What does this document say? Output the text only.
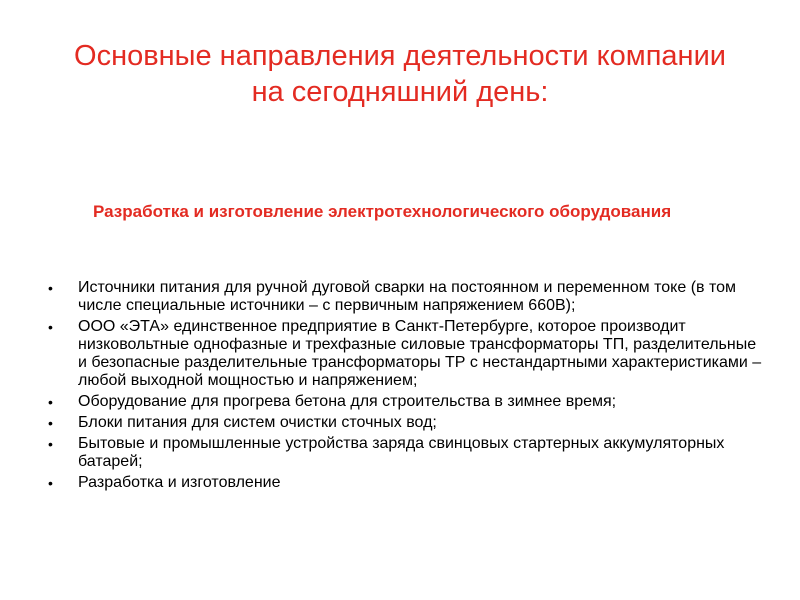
Основные направления деятельности компании
на сегодняшний день:
Разработка и изготовление электротехнологического оборудования
•	Источники питания для ручной дуговой сварки на постоянном и переменном токе (в том числе специальные источники – с первичным напряжением 660В);
•	ООО «ЭТА» единственное предприятие в Санкт-Петербурге, которое производит низковольтные однофазные и трехфазные силовые трансформаторы ТП, разделительные и безопасные разделительные трансформаторы ТР с нестандартными характеристиками – любой выходной мощностью и напряжением;
•	Оборудование для прогрева бетона для строительства в зимнее время;
•	Блоки питания для систем очистки сточных вод;
•	Бытовые и промышленные устройства заряда свинцовых стартерных аккумуляторных батарей;
•	Разработка и изготовление
